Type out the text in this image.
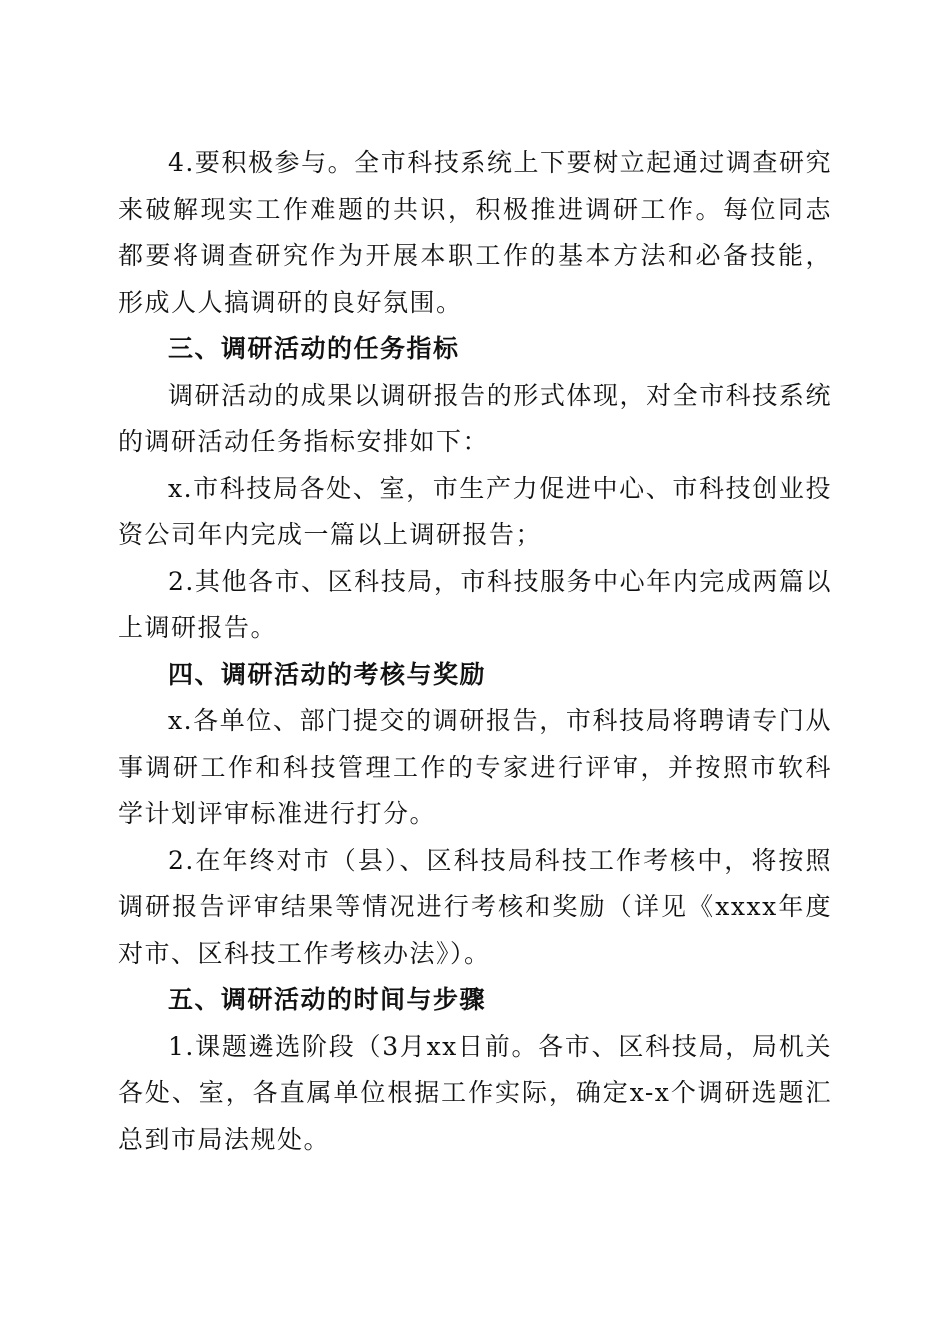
4.要积极参与。全市科技系统上下要树立起通过调查研究来破解现实工作难题的共识，积极推进调研工作。每位同志都要将调查研究作为开展本职工作的基本方法和必备技能，形成人人搞调研的良好氛围。

三、调研活动的任务指标

调研活动的成果以调研报告的形式体现，对全市科技系统的调研活动任务指标安排如下：

x.市科技局各处、室，市生产力促进中心、市科技创业投资公司年内完成一篇以上调研报告；

2.其他各市、区科技局，市科技服务中心年内完成两篇以上调研报告。

四、调研活动的考核与奖励

x.各单位、部门提交的调研报告，市科技局将聘请专门从事调研工作和科技管理工作的专家进行评审，并按照市软科学计划评审标准进行打分。

2.在年终对市（县）、区科技局科技工作考核中，将按照调研报告评审结果等情况进行考核和奖励（详见《xxxx年度对市、区科技工作考核办法》）。

五、调研活动的时间与步骤

1.课题遴选阶段（3月xx日前。各市、区科技局，局机关各处、室，各直属单位根据工作实际，确定x-x个调研选题汇总到市局法规处。
